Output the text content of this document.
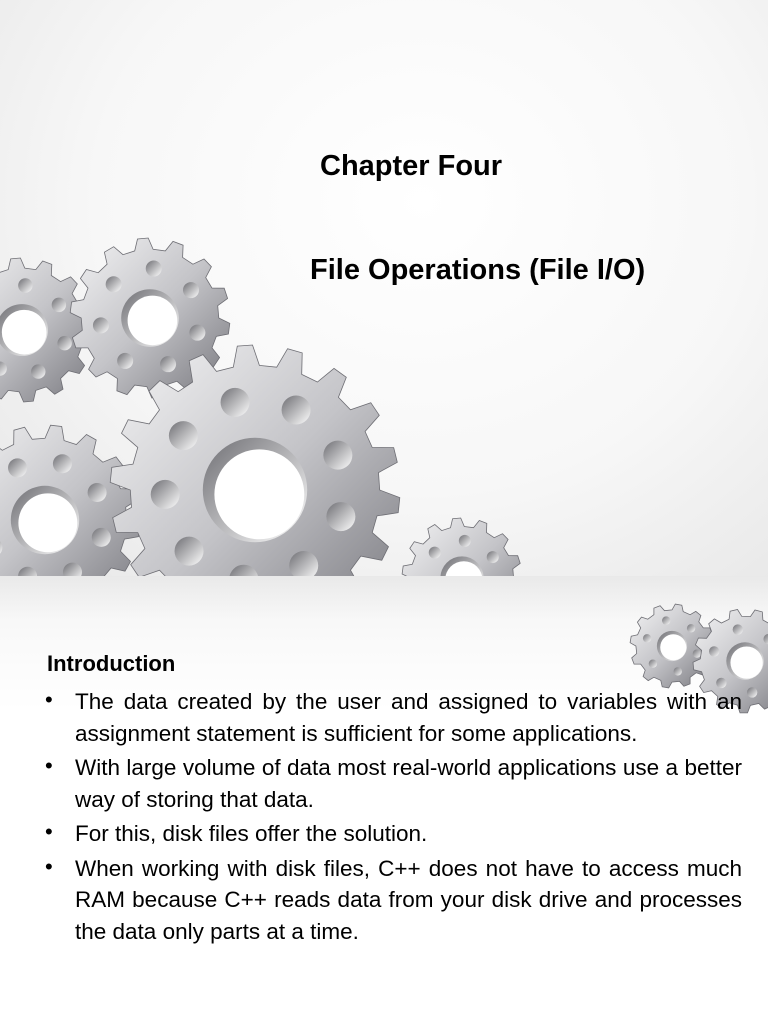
Chapter Four
File Operations (File I/O)
Introduction
• The data created by the user and assigned to variables with an assignment statement is sufficient for some applications.
• With large volume of data most real-world applications use a better way of storing that data.
• For this, disk files offer the solution.
• When working with disk files, C++ does not have to access much RAM because C++ reads data from your disk drive and processes the data only parts at a time.
